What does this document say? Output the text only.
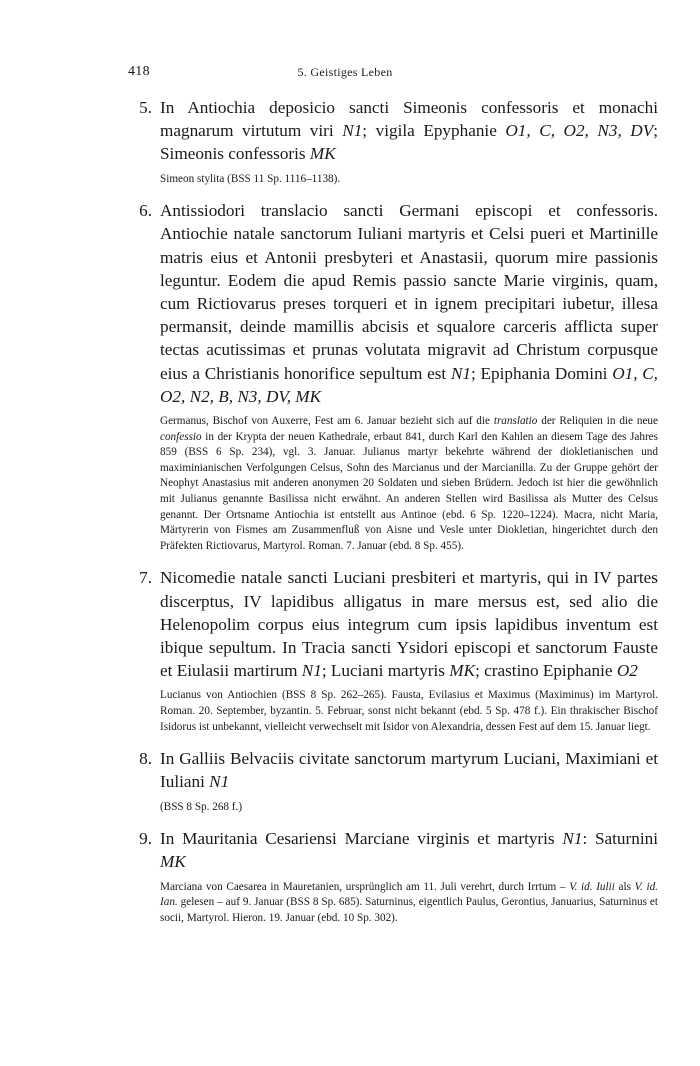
418	5. Geistiges Leben
5. In Antiochia deposicio sancti Simeonis confessoris et monachi magnarum virtutum viri N1; vigila Epyphanie O1, C, O2, N3, DV; Simeonis confessoris MK
Simeon stylita (BSS 11 Sp. 1116–1138).
6. Antissiodori translacio sancti Germani episcopi et confessoris. Antiochie natale sanctorum Iuliani martyris et Celsi pueri et Martinille matris eius et Antonii presbyteri et Anastasii, quorum mire passionis leguntur. Eodem die apud Remis passio sancte Marie virginis, quam, cum Rictiovarus preses torqueri et in ignem precipitari iubetur, illesa permansit, deinde mamillis abcisis et squalore carceris afflicta super tectas acutissimas et prunas volutata migravit ad Christum corpusque eius a Christianis honorifice sepultum est N1; Epiphania Domini O1, C, O2, N2, B, N3, DV, MK
Germanus, Bischof von Auxerre, Fest am 6. Januar bezieht sich auf die translatio der Reliquien in die neue confessio in der Krypta der neuen Kathedrale, erbaut 841, durch Karl den Kahlen an diesem Tage des Jahres 859 (BSS 6 Sp. 234), vgl. 3. Januar. Julianus martyr bekehrte während der diokletianischen und maximinianischen Verfolgungen Celsus, Sohn des Marcianus und der Marcianilla. Zu der Gruppe gehört der Neophyt Anastasius mit anderen anonymen 20 Soldaten und sieben Brüdern. Jedoch ist hier die gewöhnlich mit Julianus genannte Basilissa nicht erwähnt. An anderen Stellen wird Basilissa als Mutter des Celsus genannt. Der Ortsname Antiochia ist entstellt aus Antinoe (ebd. 6 Sp. 1220–1224). Macra, nicht Maria, Märtyrerin von Fismes am Zusammenfluß von Aisne und Vesle unter Diokletian, hingerichtet durch den Präfekten Rictiovarus, Martyrol. Roman. 7. Januar (ebd. 8 Sp. 455).
7. Nicomedie natale sancti Luciani presbiteri et martyris, qui in IV partes discerptus, IV lapidibus alligatus in mare mersus est, sed alio die Helenopolim corpus eius integrum cum ipsis lapidibus inventum est ibique sepultum. In Tracia sancti Ysidori episcopi et sanctorum Fauste et Eiulasii martirum N1; Luciani martyris MK; crastino Epiphanie O2
Lucianus von Antiochien (BSS 8 Sp. 262–265). Fausta, Evilasius et Maximus (Maximinus) im Martyrol. Roman. 20. September, byzantin. 5. Februar, sonst nicht bekannt (ebd. 5 Sp. 478 f.). Ein thrakischer Bischof Isidorus ist unbekannt, vielleicht verwechselt mit Isidor von Alexandria, dessen Fest auf dem 15. Januar liegt.
8. In Galliis Belvaciis civitate sanctorum martyrum Luciani, Maximiani et Iuliani N1
(BSS 8 Sp. 268 f.)
9. In Mauritania Cesariensi Marciane virginis et martyris N1: Saturnini MK
Marciana von Caesarea in Mauretanien, ursprünglich am 11. Juli verehrt, durch Irrtum – V. id. Iulii als V. id. Ian. gelesen – auf 9. Januar (BSS 8 Sp. 685). Saturninus, eigentlich Paulus, Gerontius, Januarius, Saturninus et socii, Martyrol. Hieron. 19. Januar (ebd. 10 Sp. 302).
